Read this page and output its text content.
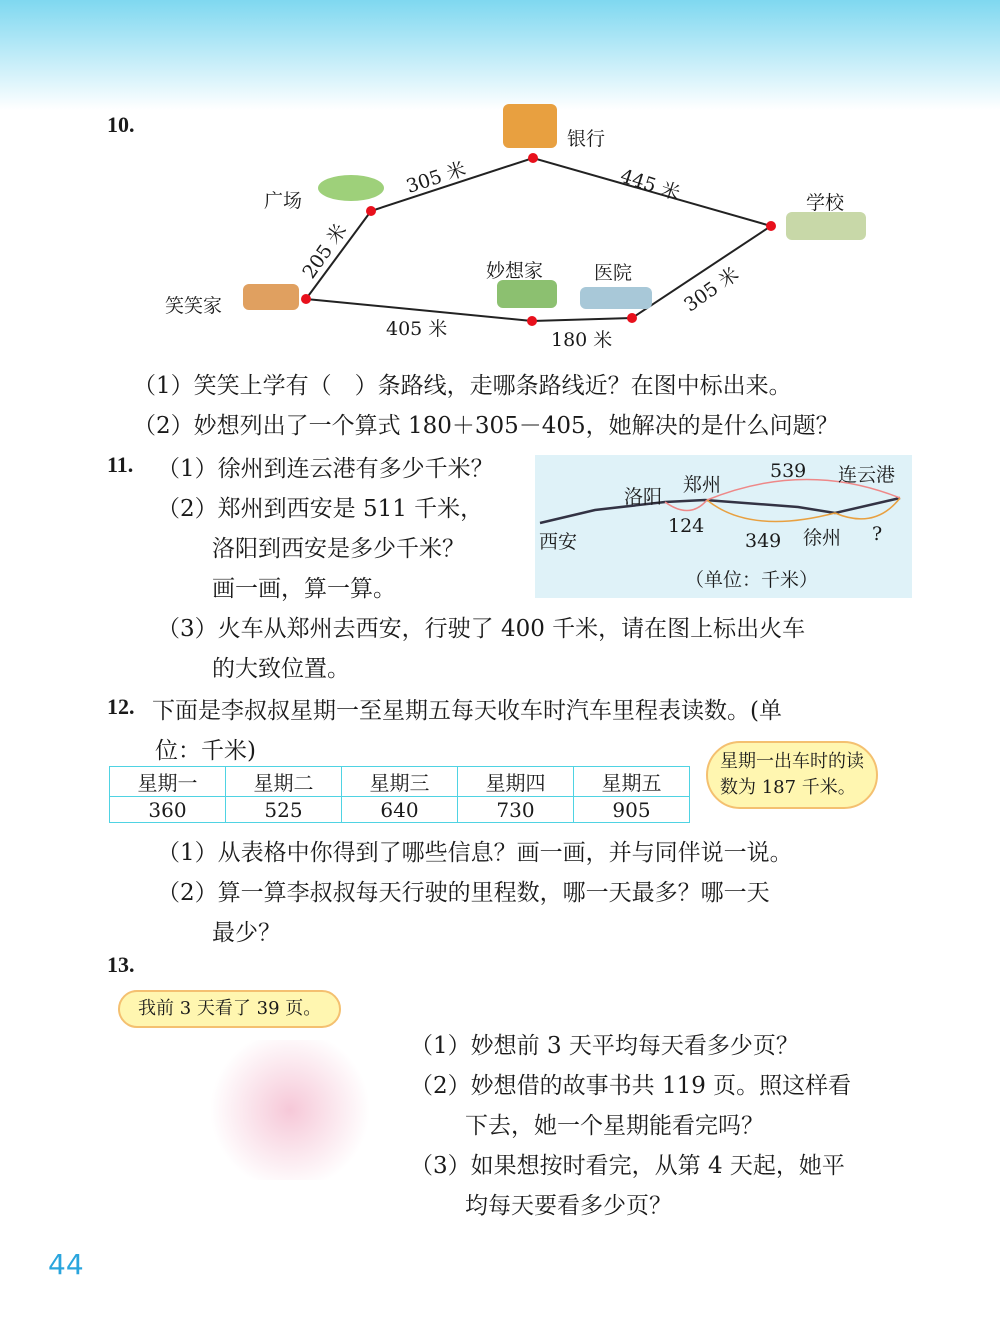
10.
银行
广场	学校
笑笑家
妙想家	医院
305 米	445 米
205 米
305 米
405 米	180 米
（1）笑笑上学有（　）条路线，走哪条路线近？在图中标出来。
（2）妙想列出了一个算式 180＋305－405，她解决的是什么问题？
11. （1）徐州到连云港有多少千米？
（2）郑州到西安是 511 千米，
洛阳到西安是多少千米？
画一画，算一算。
西安
洛阳
郑州	连云港
徐州
539
124
349	?
（单位：千米）
（3）火车从郑州去西安，行驶了 400 千米，请在图上标出火车
的大致位置。
12. 下面是李叔叔星期一至星期五每天收车时汽车里程表读数。(单
位：千米)
星期一	星期二	星期三	星期四	星期五
360	525	640	730	905
星期一出车时的读
数为 187 千米。
（1）从表格中你得到了哪些信息？画一画，并与同伴说一说。
（2）算一算李叔叔每天行驶的里程数，哪一天最多？哪一天
最少？
13.
我前 3 天看了 39 页。
（1）妙想前 3 天平均每天看多少页？
（2）妙想借的故事书共 119 页。照这样看
下去，她一个星期能看完吗？
（3）如果想按时看完，从第 4 天起，她平
均每天要看多少页？
44
